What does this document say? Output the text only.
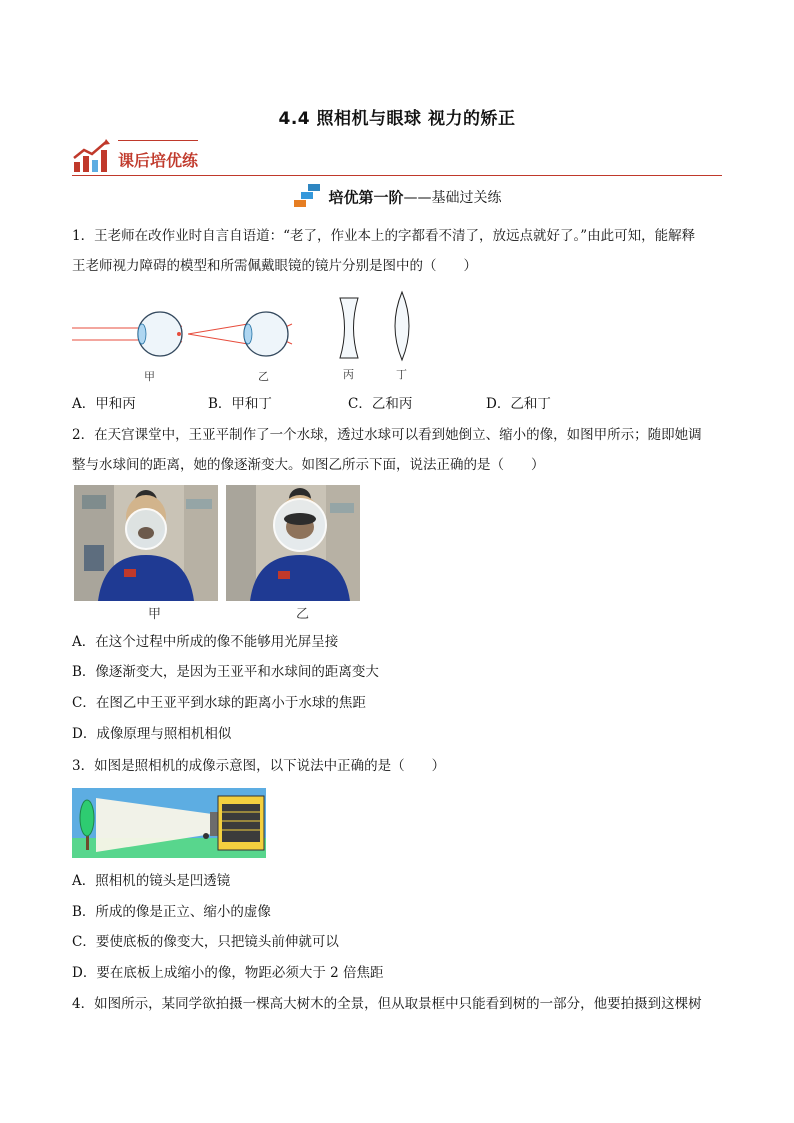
4.4 照相机与眼球 视力的矫正
课后培优练
培优第一阶——基础过关练
1．王老师在改作业时自言自语道：“老了，作业本上的字都看不清了，放远点就好了。”由此可知，能解释
王老师视力障碍的模型和所需佩戴眼镜的镜片分别是图中的（　　）
甲	乙	丙	丁
A．甲和丙	B．甲和丁	C．乙和丙	D．乙和丁
2．在天宫课堂中，王亚平制作了一个水球，透过水球可以看到她倒立、缩小的像，如图甲所示；随即她调
整与水球间的距离，她的像逐渐变大。如图乙所示下面，说法正确的是（　　）
甲	乙
A．在这个过程中所成的像不能够用光屏呈接
B．像逐渐变大，是因为王亚平和水球间的距离变大
C．在图乙中王亚平到水球的距离小于水球的焦距
D．成像原理与照相机相似
3．如图是照相机的成像示意图，以下说法中正确的是（　　）
A．照相机的镜头是凹透镜
B．所成的像是正立、缩小的虚像
C．要使底板的像变大，只把镜头前伸就可以
D．要在底板上成缩小的像，物距必须大于 2 倍焦距
4．如图所示，某同学欲拍摄一棵高大树木的全景，但从取景框中只能看到树的一部分，他要拍摄到这棵树
